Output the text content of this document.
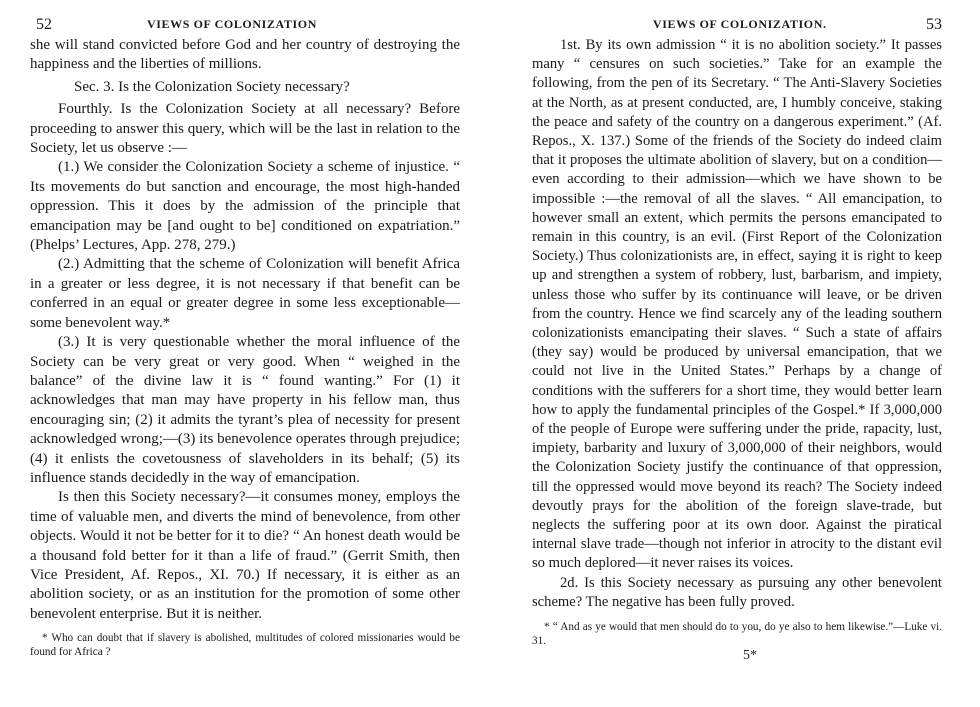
52	VIEWS OF COLONIZATION

she will stand convicted before God and her country of destroying the happiness and the liberties of millions.

Sec. 3. Is the Colonization Society necessary?

Fourthly. Is the Colonization Society at all necessary? Before proceeding to answer this query, which will be the last in relation to the Society, let us observe :—

(1.) We consider the Colonization Society a scheme of injustice. “ Its movements do but sanction and encourage, the most high-handed oppression. This it does by the admission of the principle that emancipation may be [and ought to be] conditioned on expatriation.” (Phelps’ Lectures, App. 278, 279.)

(2.) Admitting that the scheme of Colonization will benefit Africa in a greater or less degree, it is not necessary if that benefit can be conferred in an equal or greater degree in some less exceptionable—some benevolent way.*

(3.) It is very questionable whether the moral influence of the Society can be very great or very good. When “ weighed in the balance” of the divine law it is “ found wanting.” For (1) it acknowledges that man may have property in his fellow man, thus encouraging sin; (2) it admits the tyrant’s plea of necessity for present acknowledged wrong;—(3) its benevolence operates through prejudice; (4) it enlists the covetousness of slaveholders in its behalf; (5) its influence stands decidedly in the way of emancipation.

Is then this Society necessary?—it consumes money, employs the time of valuable men, and diverts the mind of benevolence, from other objects. Would it not be better for it to die? “ An honest death would be a thousand fold better for it than a life of fraud.” (Gerrit Smith, then Vice President, Af. Repos., XI. 70.) If necessary, it is either as an abolition society, or as an institution for the promotion of some other benevolent enterprise. But it is neither.

* Who can doubt that if slavery is abolished, multitudes of colored missionaries would be found for Africa ?

VIEWS OF COLONIZATION.	53

1st. By its own admission “ it is no abolition society.” It passes many “ censures on such societies.” Take for an example the following, from the pen of its Secretary. “ The Anti-Slavery Societies at the North, as at present conducted, are, I humbly conceive, staking the peace and safety of the country on a dangerous experiment.” (Af. Repos., X. 137.) Some of the friends of the Society do indeed claim that it proposes the ultimate abolition of slavery, but on a condition—even according to their admission—which we have shown to be impossible :—the removal of all the slaves. “ All emancipation, to however small an extent, which permits the persons emancipated to remain in this country, is an evil. (First Report of the Colonization Society.) Thus colonizationists are, in effect, saying it is right to keep up and strengthen a system of robbery, lust, barbarism, and impiety, unless those who suffer by its continuance will leave, or be driven from the country. Hence we find scarcely any of the leading southern colonizationists emancipating their slaves. “ Such a state of affairs (they say) would be produced by universal emancipation, that we could not live in the United States.” Perhaps by a change of conditions with the sufferers for a short time, they would better learn how to apply the fundamental principles of the Gospel.* If 3,000,000 of the people of Europe were suffering under the pride, rapacity, lust, impiety, barbarity and luxury of 3,000,000 of their neighbors, would the Colonization Society justify the continuance of that oppression, till the oppressed would move beyond its reach? The Society indeed devoutly prays for the abolition of the foreign slave-trade, but neglects the suffering poor at its own door. Against the piratical internal slave trade—though not inferior in atrocity to the distant evil so much deplored—it never raises its voices.

2d. Is this Society necessary as pursuing any other benevolent scheme? The negative has been fully proved.

* “ And as ye would that men should do to you, do ye also to hem likewise.”—Luke vi. 31.

5*
